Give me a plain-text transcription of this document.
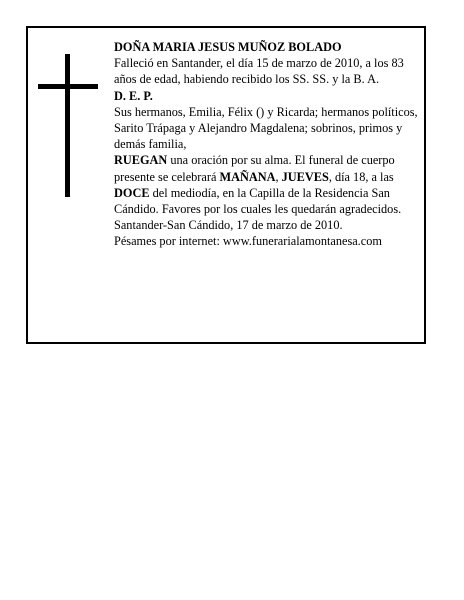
DOÑA MARIA JESUS MUÑOZ BOLADO

Falleció en Santander, el día 15 de marzo de 2010, a los 83 años de edad, habiendo recibido los SS. SS. y la B. A.

D. E. P.

Sus hermanos, Emilia, Félix () y Ricarda; hermanos políticos, Sarito Trápaga y Alejandro Magdalena; sobrinos, primos y demás familia,

RUEGAN una oración por su alma. El funeral de cuerpo presente se celebrará MAÑANA, JUEVES, día 18, a las DOCE del mediodía, en la Capilla de la Residencia San Cándido. Favores por los cuales les quedarán agradecidos.

Santander-San Cándido, 17 de marzo de 2010.

Pésames por internet: www.funerarialamontanesa.com
